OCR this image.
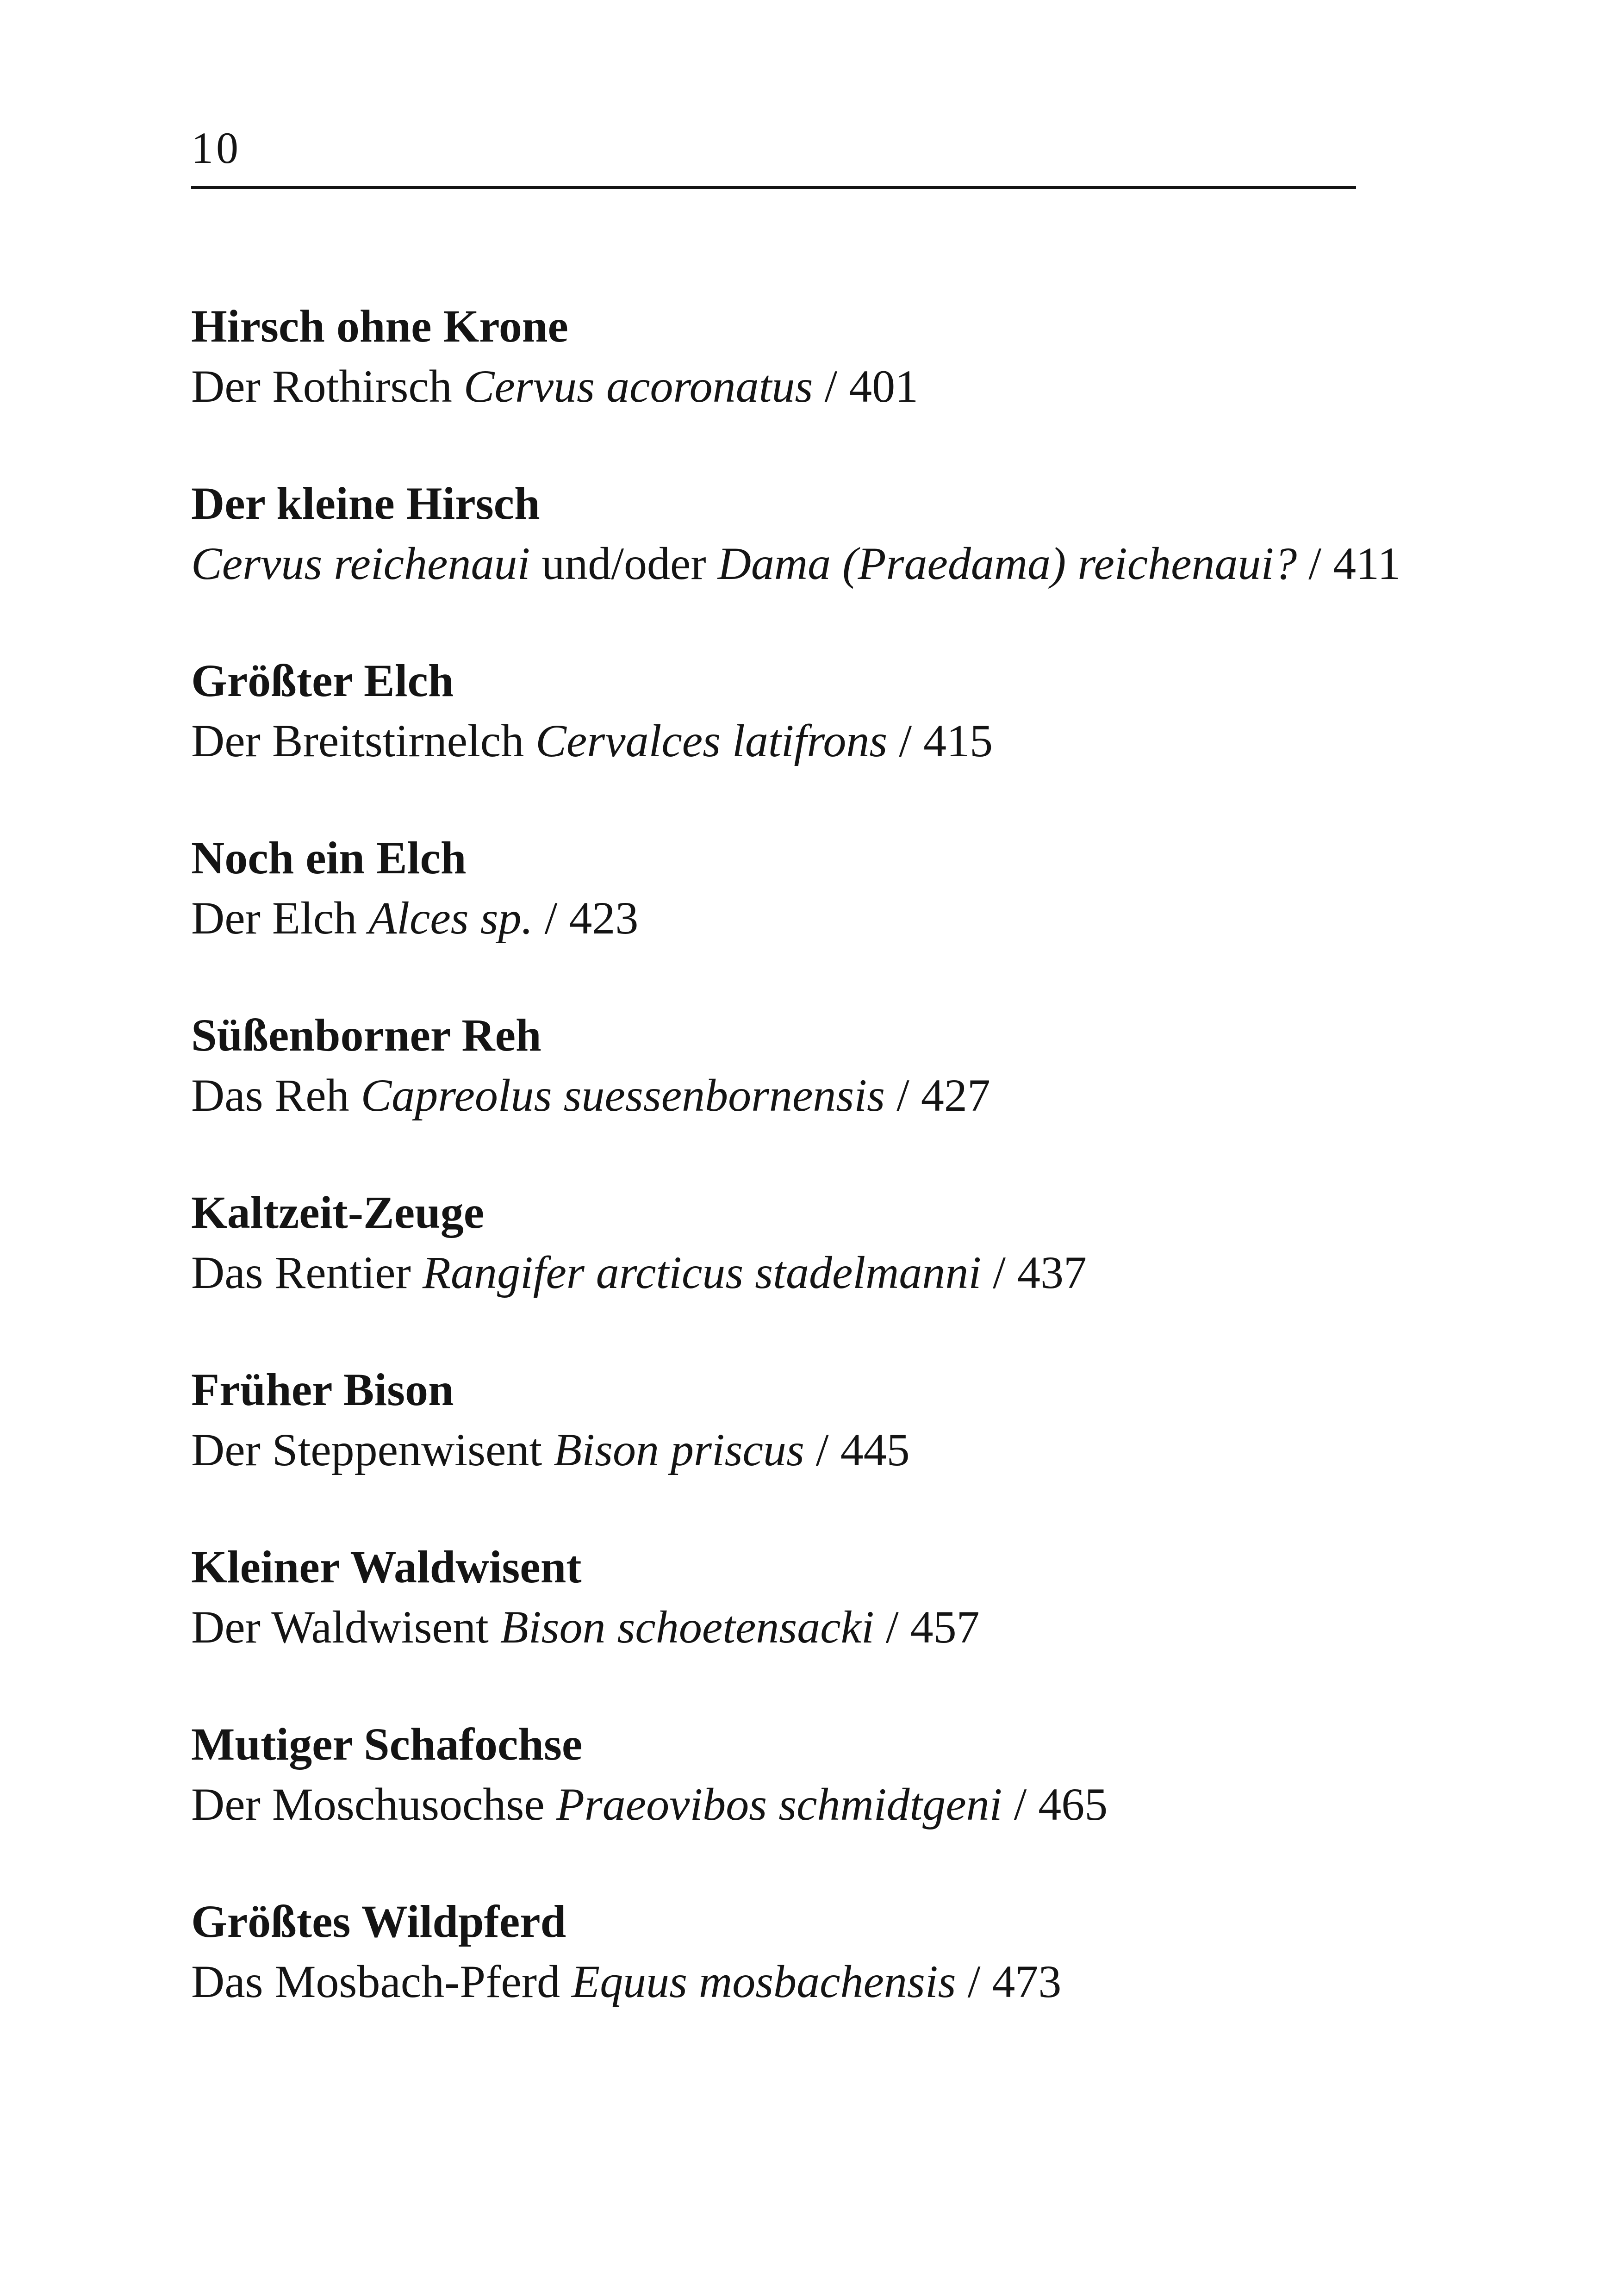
10
Hirsch ohne Krone
Der Rothirsch Cervus acoronatus / 401
Der kleine Hirsch
Cervus reichenaui und/oder Dama (Praedama) reichenaui? / 411
Größter Elch
Der Breitstirnelch Cervalces latifrons / 415
Noch ein Elch
Der Elch Alces sp. / 423
Süßenborner Reh
Das Reh Capreolus suessenbornensis / 427
Kaltzeit-Zeuge
Das Rentier Rangifer arcticus stadelmanni / 437
Früher Bison
Der Steppenwisent Bison priscus / 445
Kleiner Waldwisent
Der Waldwisent Bison schoetensacki / 457
Mutiger Schafochse
Der Moschusochse Praeovibos schmidtgeni / 465
Größtes Wildpferd
Das Mosbach-Pferd Equus mosbachensis / 473
